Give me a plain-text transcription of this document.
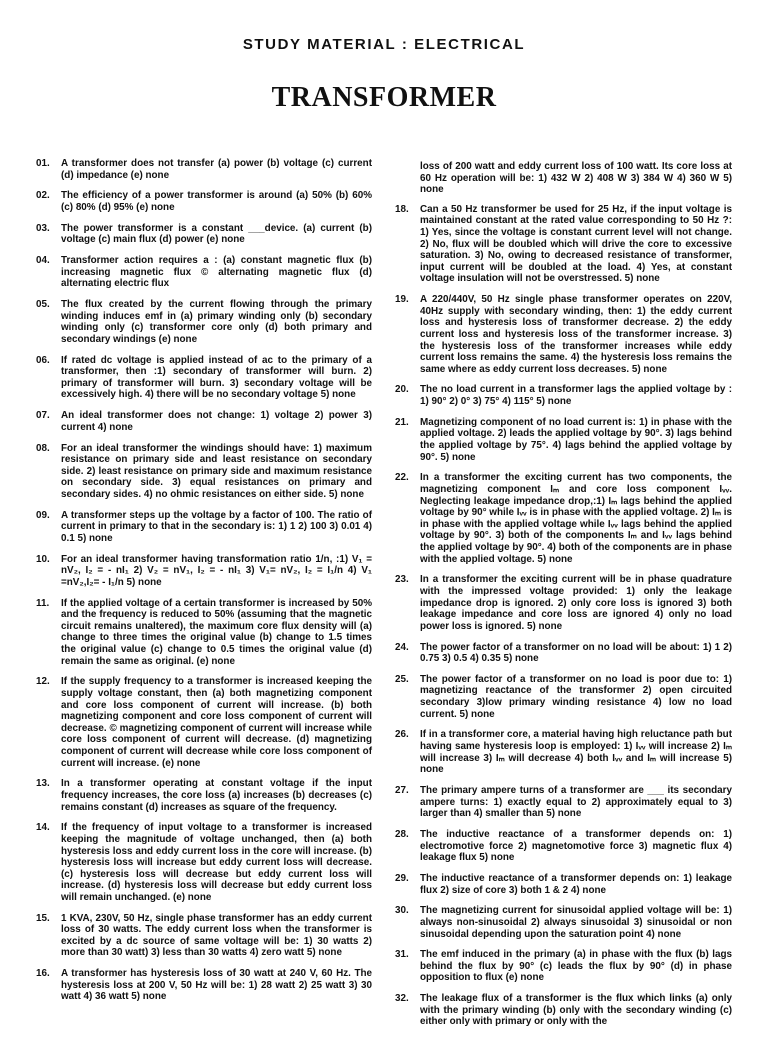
STUDY MATERIAL : ELECTRICAL
TRANSFORMER
01.	A transformer does not transfer (a) power (b) voltage (c) current (d) impedance (e) none
02.	The efficiency of a power transformer is around (a) 50% (b) 60% (c) 80% (d) 95% (e) none
03.	The power transformer is a constant ___device. (a) current (b) voltage (c) main flux (d) power (e) none
04.	Transformer action requires a : (a) constant magnetic flux (b) increasing magnetic flux © alternating magnetic flux (d) alternating electric flux
05.	The flux created by the current flowing through the primary winding induces emf in (a) primary winding only (b) secondary winding only (c) transformer core only (d) both primary and secondary windings (e) none
06.	If rated dc voltage is applied instead of ac to the primary of a transformer, then :1) secondary of transformer will burn. 2) primary of transformer will burn. 3) secondary voltage will be excessively high. 4) there will be no secondary voltage 5) none
07.	An ideal transformer does not change: 1) voltage 2) power 3) current 4) none
08.	For an ideal transformer the windings should have: 1) maximum resistance on primary side and least resistance on secondary side. 2) least resistance on primary side and maximum resistance on secondary side. 3) equal resistances on primary and secondary sides. 4) no ohmic resistances on either side. 5) none
09.	A transformer steps up the voltage by a factor of 100. The ratio of current in primary to that in the secondary is: 1) 1 2) 100 3) 0.01 4) 0.1 5) none
10.	For an ideal transformer having transformation ratio 1/n, :1) V₁ = nV₂, I₂ = - nI₁ 2) V₂ = nV₁, I₂ = - nI₁ 3) V₁= nV₂, I₂ = I₁/n 4) V₁ =nV₂,I₂= - I₁/n 5) none
11.	If the applied voltage of a certain transformer is increased by 50% and the frequency is reduced to 50% (assuming that the magnetic circuit remains unaltered), the maximum core flux density will (a) change to three times the original value (b) change to 1.5 times the original value (c) change to 0.5 times the original value (d) remain the same as original. (e) none
12.	If the supply frequency to a transformer is increased keeping the supply voltage constant, then (a) both magnetizing component and core loss component of current will increase. (b) both magnetizing component and core loss component of current will decrease. © magnetizing component of current will increase while core loss component of current will decrease. (d) magnetizing component of current will decrease while core loss component of current will increase. (e) none
13.	In a transformer operating at constant voltage if the input frequency increases, the core loss (a) increases (b) decreases (c) remains constant (d) increases as square of the frequency.
14.	If the frequency of input voltage to a transformer is increased keeping the magnitude of voltage unchanged, then (a) both hysteresis loss and eddy current loss in the core will increase. (b) hysteresis loss will increase but eddy current loss will decrease. (c) hysteresis loss will decrease but eddy current loss will increase. (d) hysteresis loss will decrease but eddy current loss will remain unchanged. (e) none
15.	1 KVA, 230V, 50 Hz, single phase transformer has an eddy current loss of 30 watts. The eddy current loss when the transformer is excited by a dc source of same voltage will be: 1) 30 watts 2) more than 30 watt) 3) less than 30 watts 4) zero watt 5) none
16.	A transformer has hysteresis loss of 30 watt at 240 V, 60 Hz. The hysteresis loss at 200 V, 50 Hz will be: 1) 28 watt 2) 25 watt 3) 30 watt 4) 36 watt 5) none
loss of 200 watt and eddy current loss of 100 watt. Its core loss at 60 Hz operation will be: 1) 432 W 2) 408 W 3) 384 W 4) 360 W 5) none
18.	Can a 50 Hz transformer be used for 25 Hz, if the input voltage is maintained constant at the rated value corresponding to 50 Hz ?: 1) Yes, since the voltage is constant current level will not change. 2) No, flux will be doubled which will drive the core to excessive saturation. 3) No, owing to decreased resistance of transformer, input current will be doubled at the load. 4) Yes, at constant voltage insulation will not be overstressed. 5) none
19.	A 220/440V, 50 Hz single phase transformer operates on 220V, 40Hz supply with secondary winding, then: 1) the eddy current loss and hysteresis loss of transformer decrease. 2) the eddy current loss and hysteresis loss of the transformer increase. 3) the hysteresis loss of the transformer increases while eddy current loss remains the same. 4) the hysteresis loss remains the same where as eddy current loss decreases. 5) none
20.	The no load current in a transformer lags the applied voltage by : 1) 90° 2) 0° 3) 75° 4) 115° 5) none
21.	Magnetizing component of no load current is: 1) in phase with the applied voltage. 2) leads the applied voltage by 90°. 3) lags behind the applied voltage by 75°. 4) lags behind the applied voltage by 90°. 5) none
22.	In a transformer the exciting current has two components, the magnetizing component Iₘ and core loss component Iᵥᵥ. Neglecting leakage impedance drop,:1) Iₘ lags behind the applied voltage by 90° while Iᵥᵥ is in phase with the applied voltage. 2) Iₘ is in phase with the applied voltage while Iᵥᵥ lags behind the applied voltage by 90°. 3) both of the components Iₘ and Iᵥᵥ lags behind the applied voltage by 90°. 4) both of the components are in phase with the applied voltage. 5) none
23.	In a transformer the exciting current will be in phase quadrature with the impressed voltage provided: 1) only the leakage impedance drop is ignored. 2) only core loss is ignored 3) both leakage impedance and core loss are ignored 4) only no load power loss is ignored. 5) none
24.	The power factor of a transformer on no load will be about: 1) 1 2) 0.75 3) 0.5 4) 0.35 5) none
25.	The power factor of a transformer on no load is poor due to: 1) magnetizing reactance of the transformer 2) open circuited secondary 3)low primary winding resistance 4) low no load current. 5) none
26.	If in a transformer core, a material having high reluctance path but having same hysteresis loop is employed: 1) Iᵥᵥ will increase 2) Iₘ will increase 3) Iₘ will decrease 4) both Iᵥᵥ and Iₘ will increase 5) none
27.	The primary ampere turns of a transformer are ___ its secondary ampere turns: 1) exactly equal to 2) approximately equal to 3) larger than 4) smaller than 5) none
28.	The inductive reactance of a transformer depends on: 1) electromotive force 2) magnetomotive force 3) magnetic flux 4) leakage flux 5) none
29.	The inductive reactance of a transformer depends on: 1) leakage flux 2) size of core 3) both 1 & 2 4) none
30.	The magnetizing current for sinusoidal applied voltage will be: 1) always non-sinusoidal 2) always sinusoidal 3) sinusoidal or non sinusoidal depending upon the saturation point 4) none
31.	The emf induced in the primary (a) in phase with the flux (b) lags behind the flux by 90° (c) leads the flux by 90° (d) in phase opposition to flux (e) none
32.	The leakage flux of a transformer is the flux which links (a) only with the primary winding (b) only with the secondary winding (c) either only with primary or only with the
